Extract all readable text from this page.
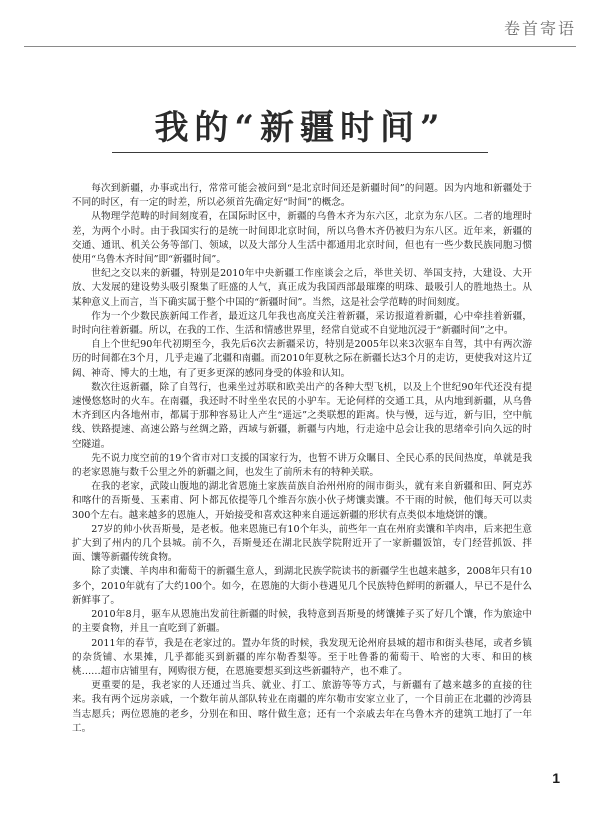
卷首寄语
我的“新疆时间”

每次到新疆，办事或出行，常常可能会被问到“是北京时间还是新疆时间”的问题。因为内地和新疆处于不同的时区，有一定的时差，所以必须首先确定好“时间”的概念。

从物理学范畴的时间刻度看，在国际时区中，新疆的乌鲁木齐为东六区，北京为东八区。二者的地理时差，为两个小时。由于我国实行的是统一时间即北京时间，所以乌鲁木齐仍被归为东八区。近年来，新疆的交通、通讯、机关公务等部门、领域，以及大部分人生活中都通用北京时间，但也有一些少数民族同胞习惯使用“乌鲁木齐时间”即“新疆时间”。

世纪之交以来的新疆，特别是2010年中央新疆工作座谈会之后，举世关切、举国支持，大建设、大开放、大发展的建设势头吸引聚集了旺盛的人气，真正成为我国西部最璀璨的明珠、最吸引人的胜地热土。从某种意义上而言，当下确实属于整个中国的“新疆时间”。当然，这是社会学范畴的时间刻度。

作为一个少数民族新闻工作者，最近这几年我也高度关注着新疆，采访报道着新疆，心中牵挂着新疆，时时向往着新疆。所以，在我的工作、生活和情感世界里，经常自觉或不自觉地沉浸于“新疆时间”之中。

自上个世纪90年代初期至今，我先后6次去新疆采访，特别是2005年以来3次驱车自驾，其中有两次游历的时间都在3个月，几乎走遍了北疆和南疆。而2010年夏秋之际在新疆长达3个月的走访，更使我对这片辽阔、神奇、博大的土地，有了更多更深的感同身受的体验和认知。

数次往返新疆，除了自驾行，也乘坐过苏联和欧美出产的各种大型飞机，以及上个世纪90年代还没有提速慢悠悠时的火车。在南疆，我还时不时坐坐农民的小驴车。无论何样的交通工具，从内地到新疆，从乌鲁木齐到区内各地州市，都属于那种容易让人产生“遥远”之类联想的距离。快与慢，远与近，新与旧，空中航线、铁路提速、高速公路与丝绸之路，西域与新疆，新疆与内地，行走途中总会让我的思绪牵引向久远的时空隧道。

先不说力度空前的19个省市对口支援的国家行为，也暂不讲万众瞩目、全民心系的民间热度，单就是我的老家恩施与数千公里之外的新疆之间，也发生了前所未有的特种关联。

在我的老家，武陵山腹地的湖北省恩施土家族苗族自治州州府的闹市街头，就有来自新疆和田、阿克苏和喀什的吾斯曼、玉素甫、阿卜都瓦依提等几个维吾尔族小伙子烤馕卖馕。不干雨的时候，他们每天可以卖300个左右。越来越多的恩施人，开始接受和喜欢这种来自遥远新疆的形状有点类似本地烧饼的馕。

27岁的帅小伙吾斯曼，是老板。他来恩施已有10个年头，前些年一直在州府卖馕和羊肉串，后来把生意扩大到了州内的几个县城。前不久，吾斯曼还在湖北民族学院附近开了一家新疆饭馆，专门经营抓饭、拌面、馕等新疆传统食物。

除了卖馕、羊肉串和葡萄干的新疆生意人，到湖北民族学院读书的新疆学生也越来越多，2008年只有10多个，2010年就有了大约100个。如今，在恩施的大街小巷遇见几个民族特色鲜明的新疆人，早已不是什么新鲜事了。

2010年8月，驱车从恩施出发前往新疆的时候，我特意到吾斯曼的烤馕摊子买了好几个馕，作为旅途中的主要食物，并且一直吃到了新疆。

2011年的春节，我是在老家过的。置办年货的时候，我发现无论州府县城的超市和街头巷尾，或者乡镇的杂货铺、水果摊，几乎都能买到新疆的库尔勒香梨等。至于吐鲁番的葡萄干、哈密的大枣、和田的核桃……超市店铺里有，网购很方便，在恩施要想买到这些新疆特产，也不难了。

更重要的是，我老家的人还通过当兵、就业、打工、旅游等等方式，与新疆有了越来越多的直接的往来。我有两个远房亲戚，一个数年前从部队转业在南疆的库尔勒市安家立业了，一个目前正在北疆的沙湾县当志愿兵；两位恩施的老乡，分别在和田、喀什做生意；还有一个亲戚去年在乌鲁木齐的建筑工地打了一年工。

1
